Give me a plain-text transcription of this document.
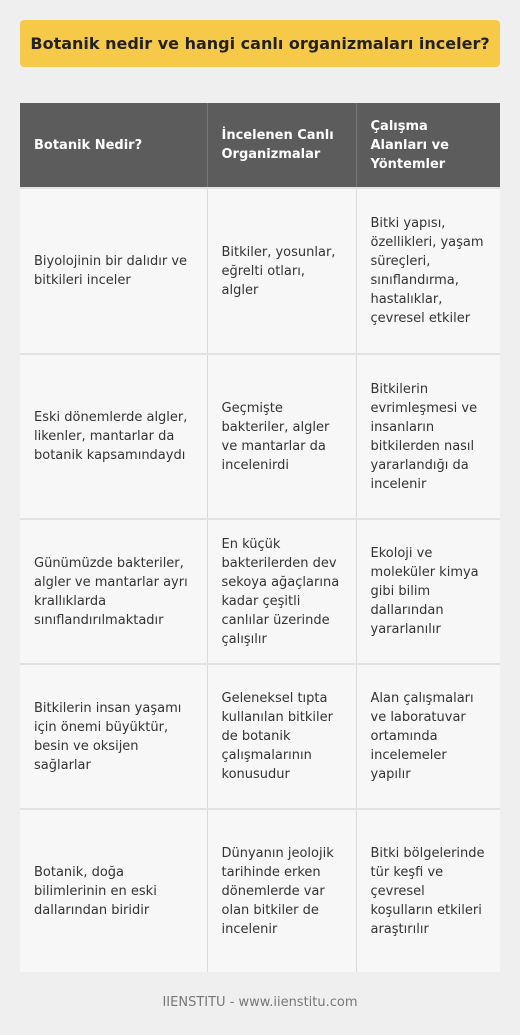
Botanik nedir ve hangi canlı organizmaları inceler?
Botanik Nedir?	İncelenen Canlı Organizmalar	Çalışma Alanları ve Yöntemler
Biyolojinin bir dalıdır ve bitkileri inceler	Bitkiler, yosunlar, eğrelti otları, algler	Bitki yapısı, özellikleri, yaşam süreçleri, sınıflandırma, hastalıklar, çevresel etkiler
Eski dönemlerde algler, likenler, mantarlar da botanik kapsamındaydı	Geçmişte bakteriler, algler ve mantarlar da incelenirdi	Bitkilerin evrimleşmesi ve insanların bitkilerden nasıl yararlandığı da incelenir
Günümüzde bakteriler, algler ve mantarlar ayrı krallıklarda sınıflandırılmaktadır	En küçük bakterilerden dev sekoya ağaçlarına kadar çeşitli canlılar üzerinde çalışılır	Ekoloji ve moleküler kimya gibi bilim dallarından yararlanılır
Bitkilerin insan yaşamı için önemi büyüktür, besin ve oksijen sağlarlar	Geleneksel tıpta kullanılan bitkiler de botanik çalışmalarının konusudur	Alan çalışmaları ve laboratuvar ortamında incelemeler yapılır
Botanik, doğa bilimlerinin en eski dallarından biridir	Dünyanın jeolojik tarihinde erken dönemlerde var olan bitkiler de incelenir	Bitki bölgelerinde tür keşfi ve çevresel koşulların etkileri araştırılır
IIENSTITU - www.iienstitu.com
